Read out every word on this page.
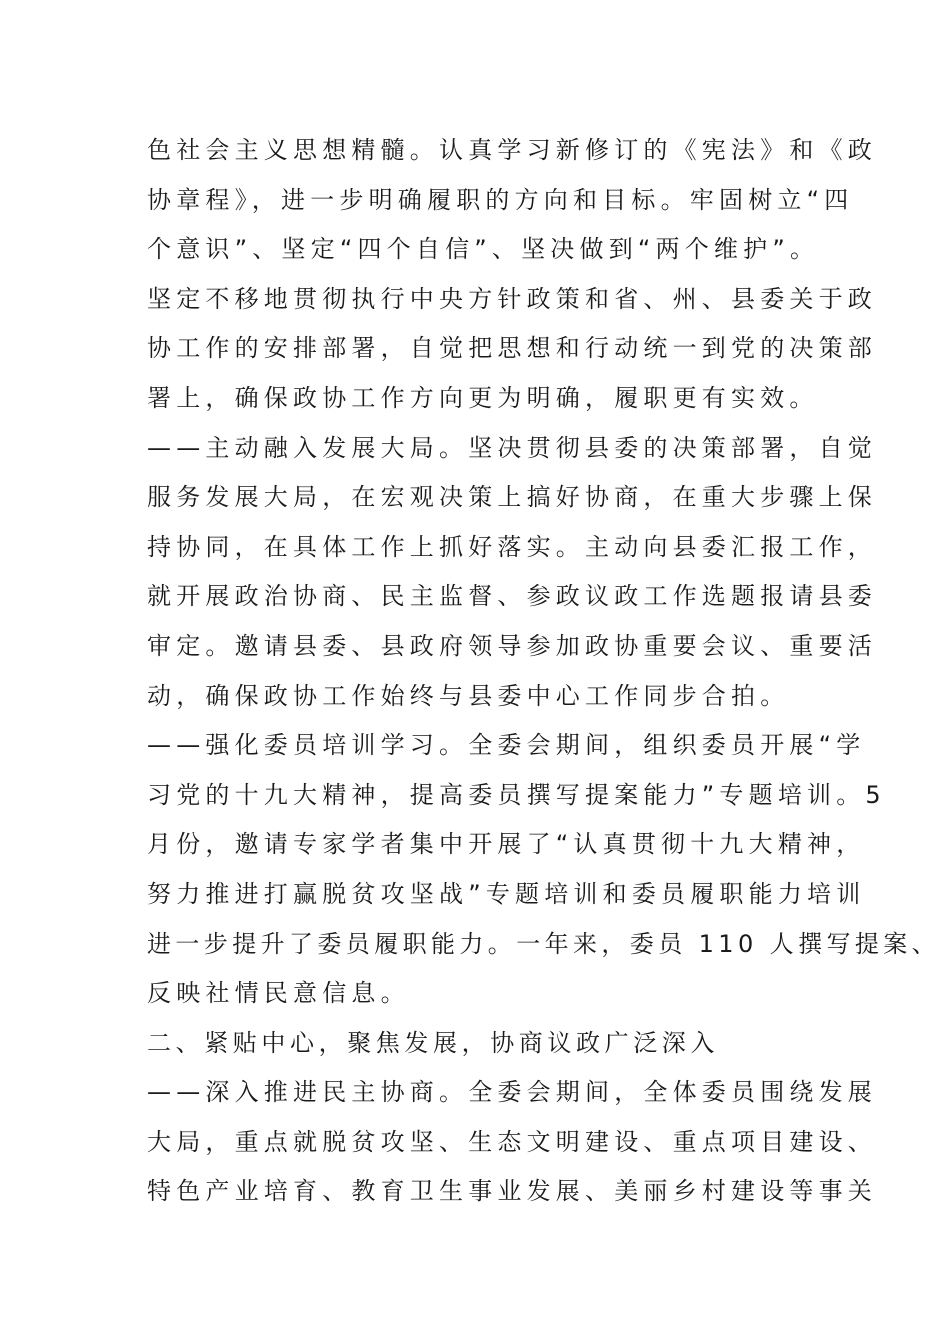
色社会主义思想精髓。认真学习新修订的《宪法》和《政
协章程》，进一步明确履职的方向和目标。牢固树立“四
个意识”、坚定“四个自信”、坚决做到“两个维护”。
坚定不移地贯彻执行中央方针政策和省、州、县委关于政
协工作的安排部署，自觉把思想和行动统一到党的决策部
署上，确保政协工作方向更为明确，履职更有实效。
——主动融入发展大局。坚决贯彻县委的决策部署，自觉
服务发展大局，在宏观决策上搞好协商，在重大步骤上保
持协同，在具体工作上抓好落实。主动向县委汇报工作，
就开展政治协商、民主监督、参政议政工作选题报请县委
审定。邀请县委、县政府领导参加政协重要会议、重要活
动，确保政协工作始终与县委中心工作同步合拍。
——强化委员培训学习。全委会期间，组织委员开展“学
习党的十九大精神，提高委员撰写提案能力”专题培训。5
月份，邀请专家学者集中开展了“认真贯彻十九大精神，
努力推进打赢脱贫攻坚战”专题培训和委员履职能力培训
进一步提升了委员履职能力。一年来，委员 110 人撰写提案、
反映社情民意信息。
二、紧贴中心，聚焦发展，协商议政广泛深入
——深入推进民主协商。全委会期间，全体委员围绕发展
大局，重点就脱贫攻坚、生态文明建设、重点项目建设、
特色产业培育、教育卫生事业发展、美丽乡村建设等事关
